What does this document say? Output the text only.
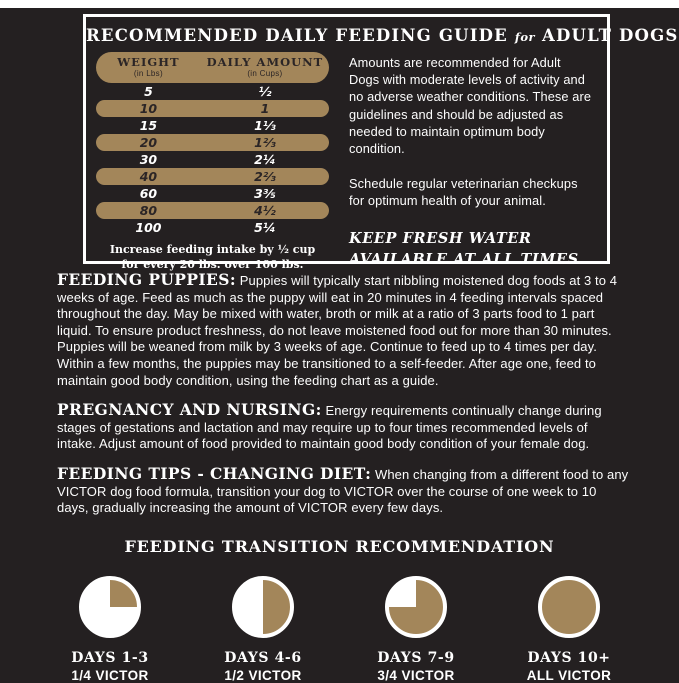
RECOMMENDED DAILY FEEDING GUIDE for ADULT DOGS
WEIGHT
(in Lbs)
DAILY AMOUNT
(in Cups)
5	½
10	1
15	1⅓
20	1⅔
30	2¼
40	2⅔
60	3⅗
80	4½
100	5¼
Increase feeding intake by ½ cup for every 20 lbs. over 100 lbs.

Amounts are recommended for Adult Dogs with moderate levels of activity and no adverse weather conditions. These are guidelines and should be adjusted as needed to maintain optimum body condition.

Schedule regular veterinarian checkups for optimum health of your animal.

KEEP FRESH WATER AVAILABLE AT ALL TIMES.

FEEDING PUPPIES: Puppies will typically start nibbling moistened dog foods at 3 to 4 weeks of age. Feed as much as the puppy will eat in 20 minutes in 4 feeding intervals spaced throughout the day. May be mixed with water, broth or milk at a ratio of 3 parts food to 1 part liquid. To ensure product freshness, do not leave moistened food out for more than 30 minutes. Puppies will be weaned from milk by 3 weeks of age. Continue to feed up to 4 times per day. Within a few months, the puppies may be transitioned to a self-feeder. After age one, feed to maintain good body condition, using the feeding chart as a guide.

PREGNANCY AND NURSING: Energy requirements continually change during stages of gestations and lactation and may require up to four times recommended levels of intake. Adjust amount of food provided to maintain good body condition of your female dog.

FEEDING TIPS - CHANGING DIET: When changing from a different food to any VICTOR dog food formula, transition your dog to VICTOR over the course of one week to 10 days, gradually increasing the amount of VICTOR every few days.

FEEDING TRANSITION RECOMMENDATION
DAYS 1-3
1/4 VICTOR
DAYS 4-6
1/2 VICTOR
DAYS 7-9
3/4 VICTOR
DAYS 10+
ALL VICTOR
